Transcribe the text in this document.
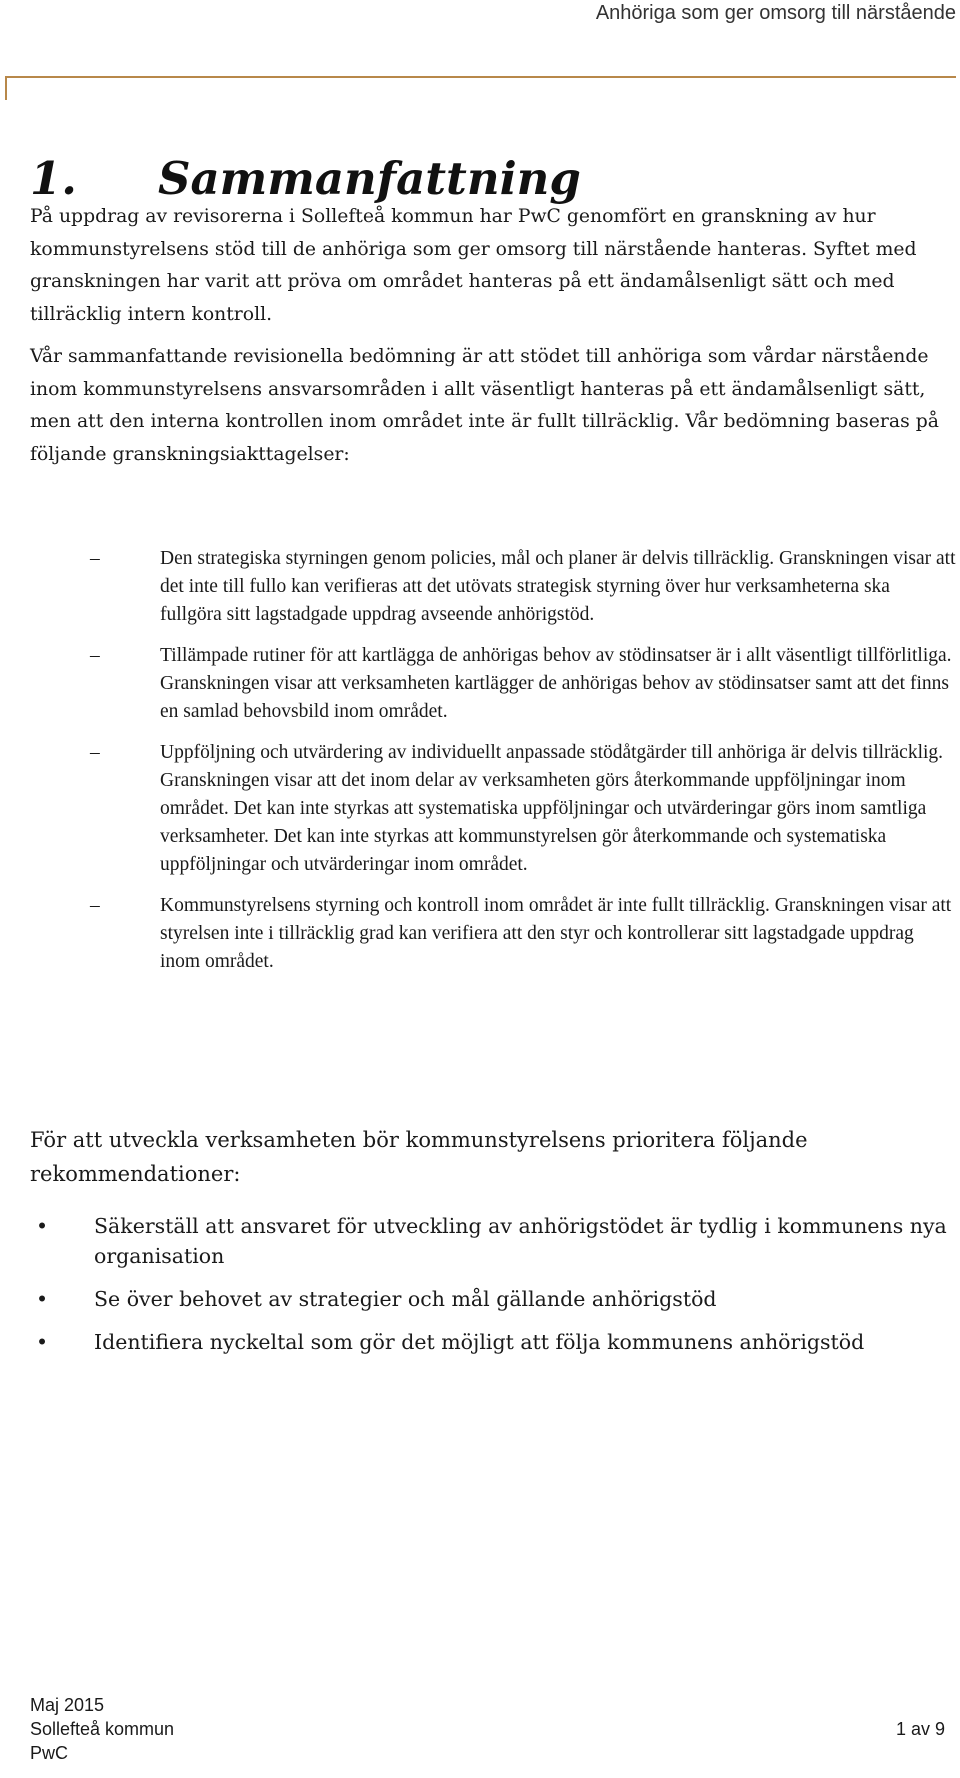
Anhöriga som ger omsorg till närstående
1. Sammanfattning

På uppdrag av revisorerna i Sollefteå kommun har PwC genomfört en granskning av hur kommunstyrelsens stöd till de anhöriga som ger omsorg till närstående hanteras. Syftet med granskningen har varit att pröva om området hanteras på ett ändamålsenligt sätt och med tillräcklig intern kontroll.

Vår sammanfattande revisionella bedömning är att stödet till anhöriga som vårdar närstående inom kommunstyrelsens ansvarsområden i allt väsentligt hanteras på ett ändamålsenligt sätt, men att den interna kontrollen inom området inte är fullt tillräcklig. Vår bedömning baseras på följande granskningsiakttagelser:

–	Den strategiska styrningen genom policies, mål och planer är delvis tillräcklig. Granskningen visar att det inte till fullo kan verifieras att det utövats strategisk styrning över hur verksamheterna ska fullgöra sitt lagstadgade uppdrag avseende anhörigstöd.
–	Tillämpade rutiner för att kartlägga de anhörigas behov av stödinsatser är i allt väsentligt tillförlitliga. Granskningen visar att verksamheten kartlägger de anhörigas behov av stödinsatser samt att det finns en samlad behovsbild inom området.
–	Uppföljning och utvärdering av individuellt anpassade stödåtgärder till anhöriga är delvis tillräcklig. Granskningen visar att det inom delar av verksamheten görs återkommande uppföljningar inom området. Det kan inte styrkas att systematiska uppföljningar och utvärderingar görs inom samtliga verksamheter. Det kan inte styrkas att kommunstyrelsen gör återkommande och systematiska uppföljningar och utvärderingar inom området.
–	Kommunstyrelsens styrning och kontroll inom området är inte fullt tillräcklig. Granskningen visar att styrelsen inte i tillräcklig grad kan verifiera att den styr och kontrollerar sitt lagstadgade uppdrag inom området.

För att utveckla verksamheten bör kommunstyrelsens prioritera följande rekommendationer:

• Säkerställ att ansvaret för utveckling av anhörigstödet är tydlig i kommunens nya organisation
• Se över behovet av strategier och mål gällande anhörigstöd
• Identifiera nyckeltal som gör det möjligt att följa kommunens anhörigstöd
Maj 2015
Sollefteå kommun
PwC
1 av 9
